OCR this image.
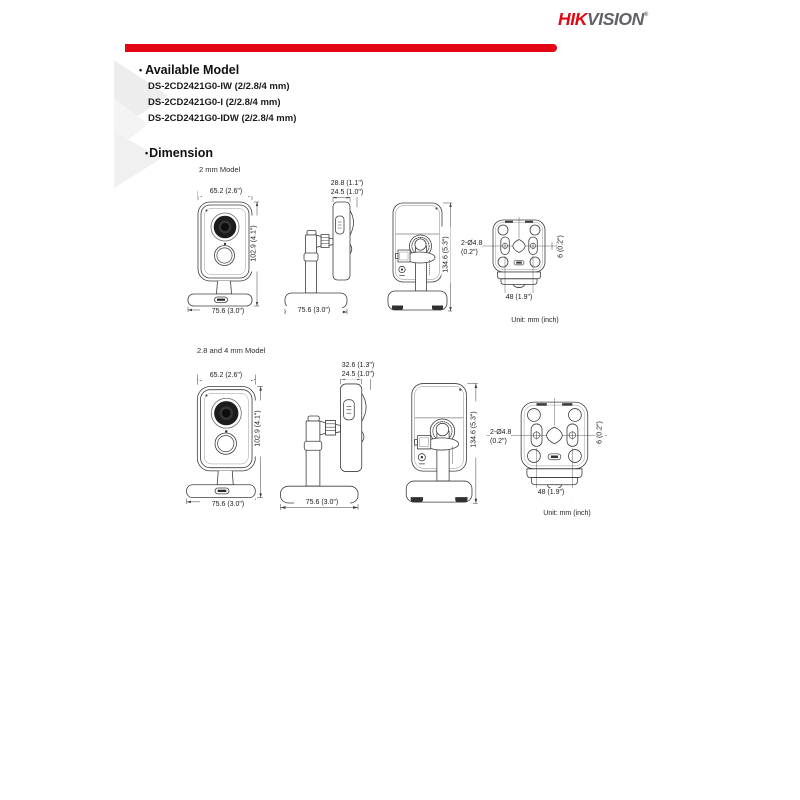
HIKVISION®
• Available Model
DS-2CD2421G0-IW (2/2.8/4 mm)
DS-2CD2421G0-I (2/2.8/4 mm)
DS-2CD2421G0-IDW (2/2.8/4 mm)
•Dimension
2 mm Model
2.8 and 4 mm Model
65.2 (2.6")
102.9 (4.1")
75.6 (3.0")
28.8 (1.1")
24.5 (1.0")
75.6 (3.0")
134.6 (5.3") 2-Ø4.8
(0.2")	6 (0.2")
48 (1.9")
Unit: mm (inch)
65.2 (2.6")
102.9 (4.1")
75.6 (3.0")
32.6 (1.3")
24.5 (1.0")
75.6 (3.0")
134.6 (5.3") 2-Ø4.8
(0.2")	6 (0.2")
48 (1.9")
Unit: mm (inch)
